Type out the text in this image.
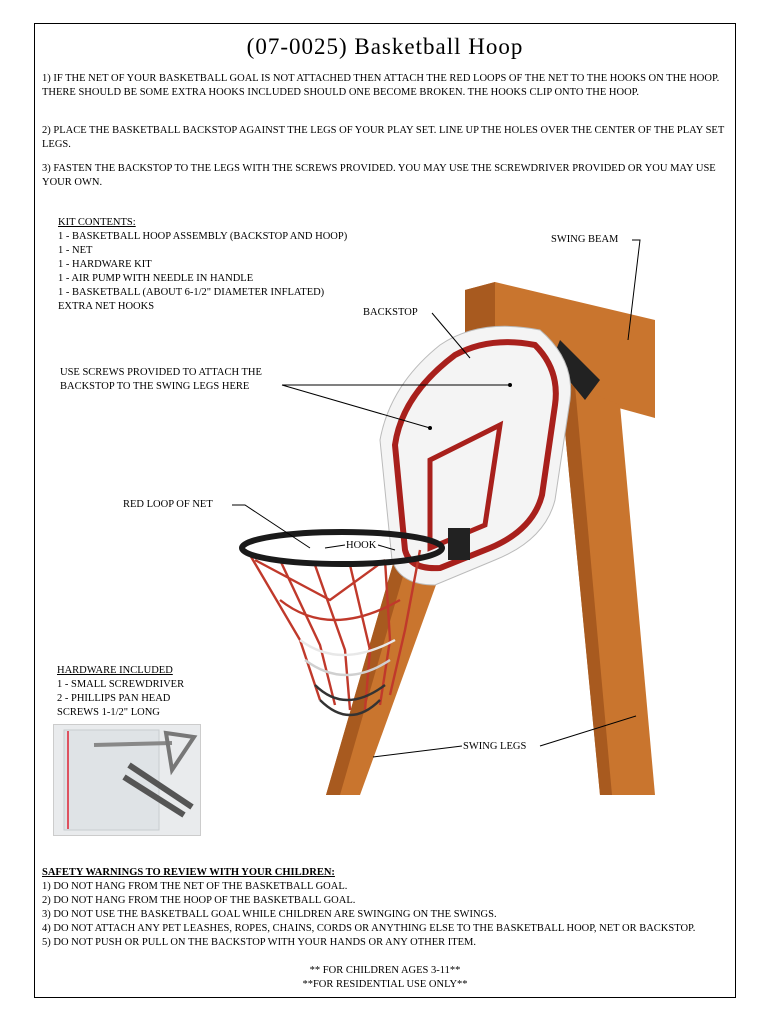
(07-0025) Basketball Hoop
1) IF THE NET OF YOUR BASKETBALL GOAL IS NOT ATTACHED THEN ATTACH THE RED LOOPS OF THE NET TO THE HOOKS ON THE HOOP. THERE SHOULD BE SOME EXTRA HOOKS INCLUDED SHOULD ONE BECOME BROKEN. THE HOOKS CLIP ONTO THE HOOP.
2) PLACE THE BASKETBALL BACKSTOP AGAINST THE LEGS OF YOUR PLAY SET. LINE UP THE HOLES OVER THE CENTER OF THE PLAY SET LEGS.
3) FASTEN THE BACKSTOP TO THE LEGS WITH THE SCREWS PROVIDED. YOU MAY USE THE SCREWDRIVER PROVIDED OR YOU MAY USE YOUR OWN.
KIT CONTENTS:
1 - BASKETBALL HOOP ASSEMBLY (BACKSTOP AND HOOP)
1 - NET
1 - HARDWARE KIT
1 - AIR PUMP WITH NEEDLE IN HANDLE
1 - BASKETBALL (ABOUT 6-1/2" DIAMETER INFLATED)
EXTRA NET HOOKS
SWING BEAM
BACKSTOP
USE SCREWS PROVIDED TO ATTACH THE
BACKSTOP TO THE SWING LEGS HERE
RED LOOP OF NET
HOOK
SWING LEGS
HARDWARE INCLUDED
1 - SMALL SCREWDRIVER
2 - PHILLIPS PAN HEAD
SCREWS 1-1/2" LONG
SAFETY WARNINGS TO REVIEW WITH YOUR CHILDREN:
1) DO NOT HANG FROM THE NET OF THE BASKETBALL GOAL.
2) DO NOT HANG FROM THE HOOP OF THE BASKETBALL GOAL.
3) DO NOT USE THE BASKETBALL GOAL WHILE CHILDREN ARE SWINGING ON THE SWINGS.
4) DO NOT ATTACH ANY PET LEASHES, ROPES, CHAINS, CORDS OR ANYTHING ELSE TO THE BASKETBALL HOOP, NET OR BACKSTOP.
5) DO NOT PUSH OR PULL ON THE BACKSTOP WITH YOUR HANDS OR ANY OTHER ITEM.
** FOR CHILDREN AGES 3-11**
**FOR RESIDENTIAL USE ONLY**
